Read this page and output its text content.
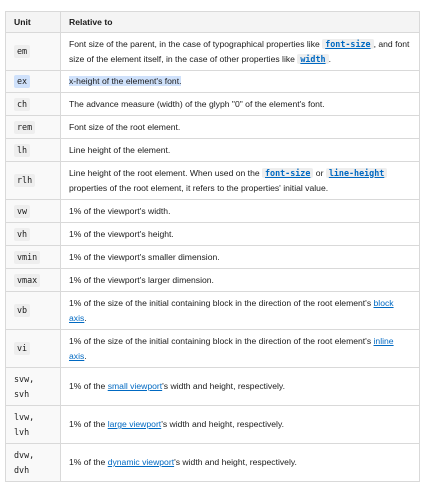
Unit	Relative to
em	Font size of the parent, in the case of typographical properties like font-size , and font size of the element itself, in the case of other properties like width .
ex	x-height of the element's font.
ch	The advance measure (width) of the glyph "0" of the element's font.
rem	Font size of the root element.
lh	Line height of the element.
rlh	Line height of the root element. When used on the font-size or line-height properties of the root element, it refers to the properties' initial value.
vw	1% of the viewport's width.
vh	1% of the viewport's height.
vmin	1% of the viewport's smaller dimension.
vmax	1% of the viewport's larger dimension.
vb	1% of the size of the initial containing block in the direction of the root element's block axis.
vi	1% of the size of the initial containing block in the direction of the root element's inline axis.
svw,
svh	1% of the small viewport's width and height, respectively.
lvw,
lvh	1% of the large viewport's width and height, respectively.
dvw,
dvh	1% of the dynamic viewport's width and height, respectively.
